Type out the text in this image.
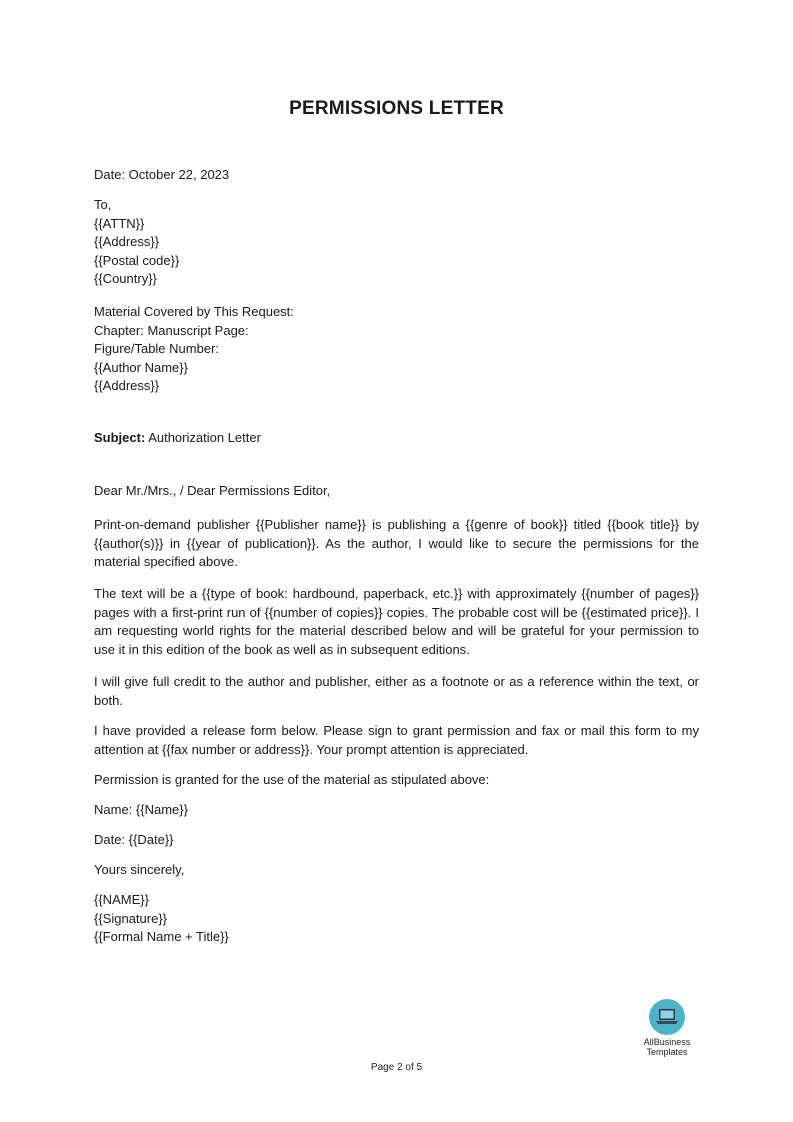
PERMISSIONS LETTER
Date: October 22, 2023
To,
{{ATTN}}
{{Address}}
{{Postal code}}
{{Country}}
Material Covered by This Request:
Chapter: Manuscript Page:
Figure/Table Number:
{{Author Name}}
{{Address}}
Subject: Authorization Letter
Dear Mr./Mrs., / Dear Permissions Editor,

Print-on-demand publisher {{Publisher name}} is publishing a {{genre of book}} titled {{book title}} by {{author(s)}} in {{year of publication}}. As the author, I would like to secure the permissions for the material specified above.

The text will be a {{type of book: hardbound, paperback, etc.}} with approximately {{number of pages}} pages with a first-print run of {{number of copies}} copies. The probable cost will be {{estimated price}}. I am requesting world rights for the material described below and will be grateful for your permission to use it in this edition of the book as well as in subsequent editions.

I will give full credit to the author and publisher, either as a footnote or as a reference within the text, or both.

I have provided a release form below. Please sign to grant permission and fax or mail this form to my attention at {{fax number or address}}. Your prompt attention is appreciated.

Permission is granted for the use of the material as stipulated above:

Name: {{Name}}
Date: {{Date}}
Yours sincerely,
{{NAME}}
{{Signature}}
{{Formal Name + Title}}
AllBusiness
Templates
Page 2 of 5
